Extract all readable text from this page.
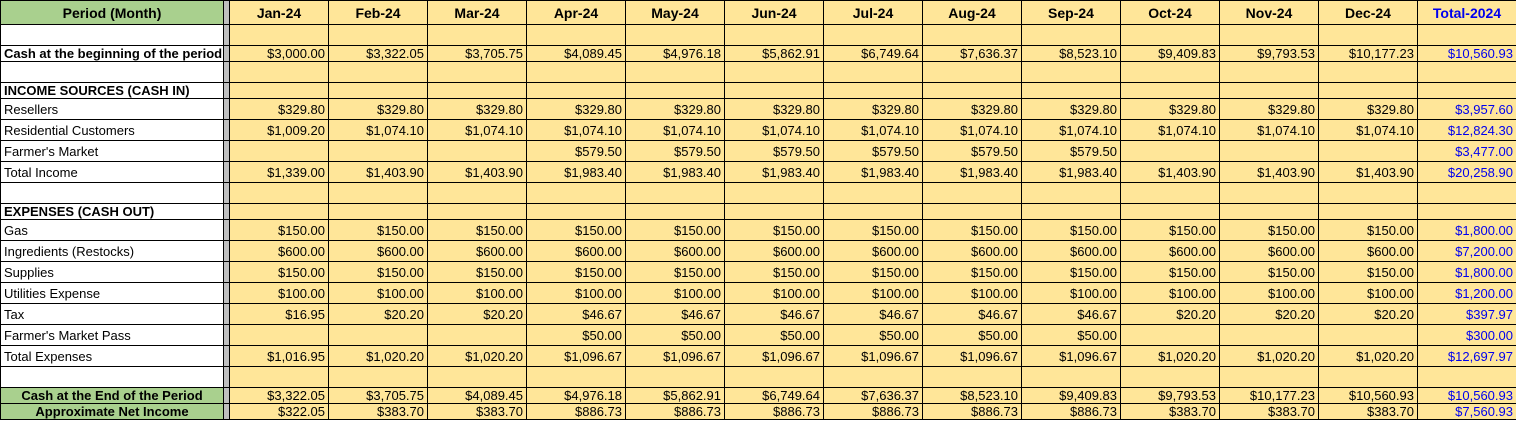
Period (Month)		Jan-24	Feb-24	Mar-24	Apr-24	May-24	Jun-24	Jul-24	Aug-24	Sep-24	Oct-24	Nov-24	Dec-24	Total-2024

Cash at the beginning of the period		$3,000.00	$3,322.05	$3,705.75	$4,089.45	$4,976.18	$5,862.91	$6,749.64	$7,636.37	$8,523.10	$9,409.83	$9,793.53	$10,177.23	$10,560.93

INCOME SOURCES (CASH IN)														
Resellers		$329.80	$329.80	$329.80	$329.80	$329.80	$329.80	$329.80	$329.80	$329.80	$329.80	$329.80	$329.80	$3,957.60
Residential Customers		$1,009.20	$1,074.10	$1,074.10	$1,074.10	$1,074.10	$1,074.10	$1,074.10	$1,074.10	$1,074.10	$1,074.10	$1,074.10	$1,074.10	$12,824.30
Farmer's Market					$579.50	$579.50	$579.50	$579.50	$579.50	$579.50				$3,477.00
Total Income		$1,339.00	$1,403.90	$1,403.90	$1,983.40	$1,983.40	$1,983.40	$1,983.40	$1,983.40	$1,983.40	$1,403.90	$1,403.90	$1,403.90	$20,258.90

EXPENSES (CASH OUT)														
Gas		$150.00	$150.00	$150.00	$150.00	$150.00	$150.00	$150.00	$150.00	$150.00	$150.00	$150.00	$150.00	$1,800.00
Ingredients (Restocks)		$600.00	$600.00	$600.00	$600.00	$600.00	$600.00	$600.00	$600.00	$600.00	$600.00	$600.00	$600.00	$7,200.00
Supplies		$150.00	$150.00	$150.00	$150.00	$150.00	$150.00	$150.00	$150.00	$150.00	$150.00	$150.00	$150.00	$1,800.00
Utilities Expense		$100.00	$100.00	$100.00	$100.00	$100.00	$100.00	$100.00	$100.00	$100.00	$100.00	$100.00	$100.00	$1,200.00
Tax		$16.95	$20.20	$20.20	$46.67	$46.67	$46.67	$46.67	$46.67	$46.67	$20.20	$20.20	$20.20	$397.97
Farmer's Market Pass					$50.00	$50.00	$50.00	$50.00	$50.00	$50.00				$300.00
Total Expenses		$1,016.95	$1,020.20	$1,020.20	$1,096.67	$1,096.67	$1,096.67	$1,096.67	$1,096.67	$1,096.67	$1,020.20	$1,020.20	$1,020.20	$12,697.97

Cash at the End of the Period		$3,322.05	$3,705.75	$4,089.45	$4,976.18	$5,862.91	$6,749.64	$7,636.37	$8,523.10	$9,409.83	$9,793.53	$10,177.23	$10,560.93	$10,560.93
Approximate Net Income		$322.05	$383.70	$383.70	$886.73	$886.73	$886.73	$886.73	$886.73	$886.73	$383.70	$383.70	$383.70	$7,560.93
